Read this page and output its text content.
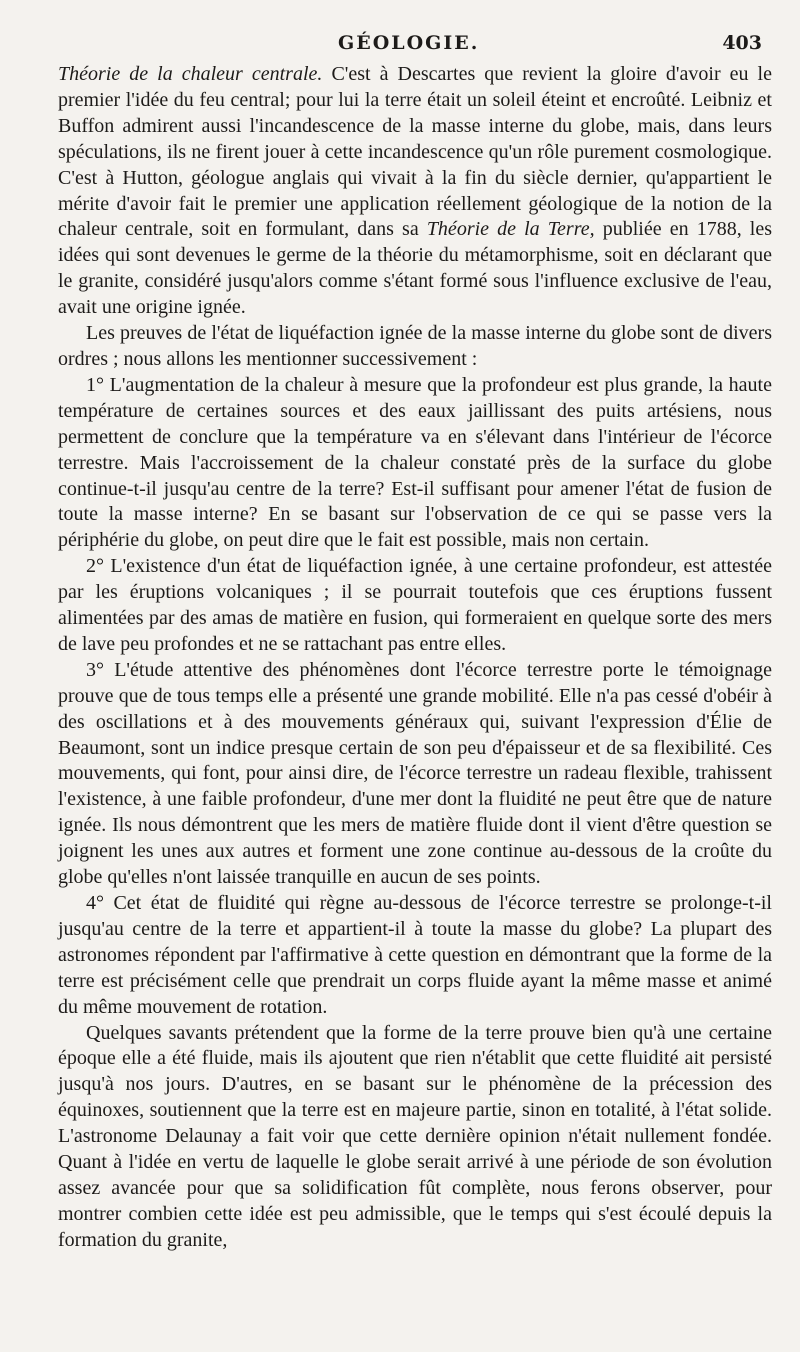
GÉOLOGIE.	403

Théorie de la chaleur centrale. C'est à Descartes que revient la gloire d'avoir eu le premier l'idée du feu central; pour lui la terre était un soleil éteint et encroûté. Leibniz et Buffon admirent aussi l'incandescence de la masse interne du globe, mais, dans leurs spéculations, ils ne firent jouer à cette incandescence qu'un rôle purement cosmologique. C'est à Hutton, géologue anglais qui vivait à la fin du siècle dernier, qu'appartient le mérite d'avoir fait le premier une application réellement géologique de la notion de la chaleur centrale, soit en formulant, dans sa Théorie de la Terre, publiée en 1788, les idées qui sont devenues le germe de la théorie du métamorphisme, soit en déclarant que le granite, considéré jusqu'alors comme s'étant formé sous l'influence exclusive de l'eau, avait une origine ignée.

Les preuves de l'état de liquéfaction ignée de la masse interne du globe sont de divers ordres ; nous allons les mentionner successivement :

1° L'augmentation de la chaleur à mesure que la profondeur est plus grande, la haute température de certaines sources et des eaux jaillissant des puits artésiens, nous permettent de conclure que la température va en s'élevant dans l'intérieur de l'écorce terrestre. Mais l'accroissement de la chaleur constaté près de la surface du globe continue-t-il jusqu'au centre de la terre? Est-il suffisant pour amener l'état de fusion de toute la masse interne? En se basant sur l'observation de ce qui se passe vers la périphérie du globe, on peut dire que le fait est possible, mais non certain.

2° L'existence d'un état de liquéfaction ignée, à une certaine profondeur, est attestée par les éruptions volcaniques ; il se pourrait toutefois que ces éruptions fussent alimentées par des amas de matière en fusion, qui formeraient en quelque sorte des mers de lave peu profondes et ne se rattachant pas entre elles.

3° L'étude attentive des phénomènes dont l'écorce terrestre porte le témoignage prouve que de tous temps elle a présenté une grande mobilité. Elle n'a pas cessé d'obéir à des oscillations et à des mouvements généraux qui, suivant l'expression d'Élie de Beaumont, sont un indice presque certain de son peu d'épaisseur et de sa flexibilité. Ces mouvements, qui font, pour ainsi dire, de l'écorce terrestre un radeau flexible, trahissent l'existence, à une faible profondeur, d'une mer dont la fluidité ne peut être que de nature ignée. Ils nous démontrent que les mers de matière fluide dont il vient d'être question se joignent les unes aux autres et forment une zone continue au-dessous de la croûte du globe qu'elles n'ont laissée tranquille en aucun de ses points.

4° Cet état de fluidité qui règne au-dessous de l'écorce terrestre se prolonge-t-il jusqu'au centre de la terre et appartient-il à toute la masse du globe? La plupart des astronomes répondent par l'affirmative à cette question en démontrant que la forme de la terre est précisément celle que prendrait un corps fluide ayant la même masse et animé du même mouvement de rotation.

Quelques savants prétendent que la forme de la terre prouve bien qu'à une certaine époque elle a été fluide, mais ils ajoutent que rien n'établit que cette fluidité ait persisté jusqu'à nos jours. D'autres, en se basant sur le phénomène de la précession des équinoxes, soutiennent que la terre est en majeure partie, sinon en totalité, à l'état solide. L'astronome Delaunay a fait voir que cette dernière opinion n'était nullement fondée. Quant à l'idée en vertu de laquelle le globe serait arrivé à une période de son évolution assez avancée pour que sa solidification fût complète, nous ferons observer, pour montrer combien cette idée est peu admissible, que le temps qui s'est écoulé depuis la formation du granite,
